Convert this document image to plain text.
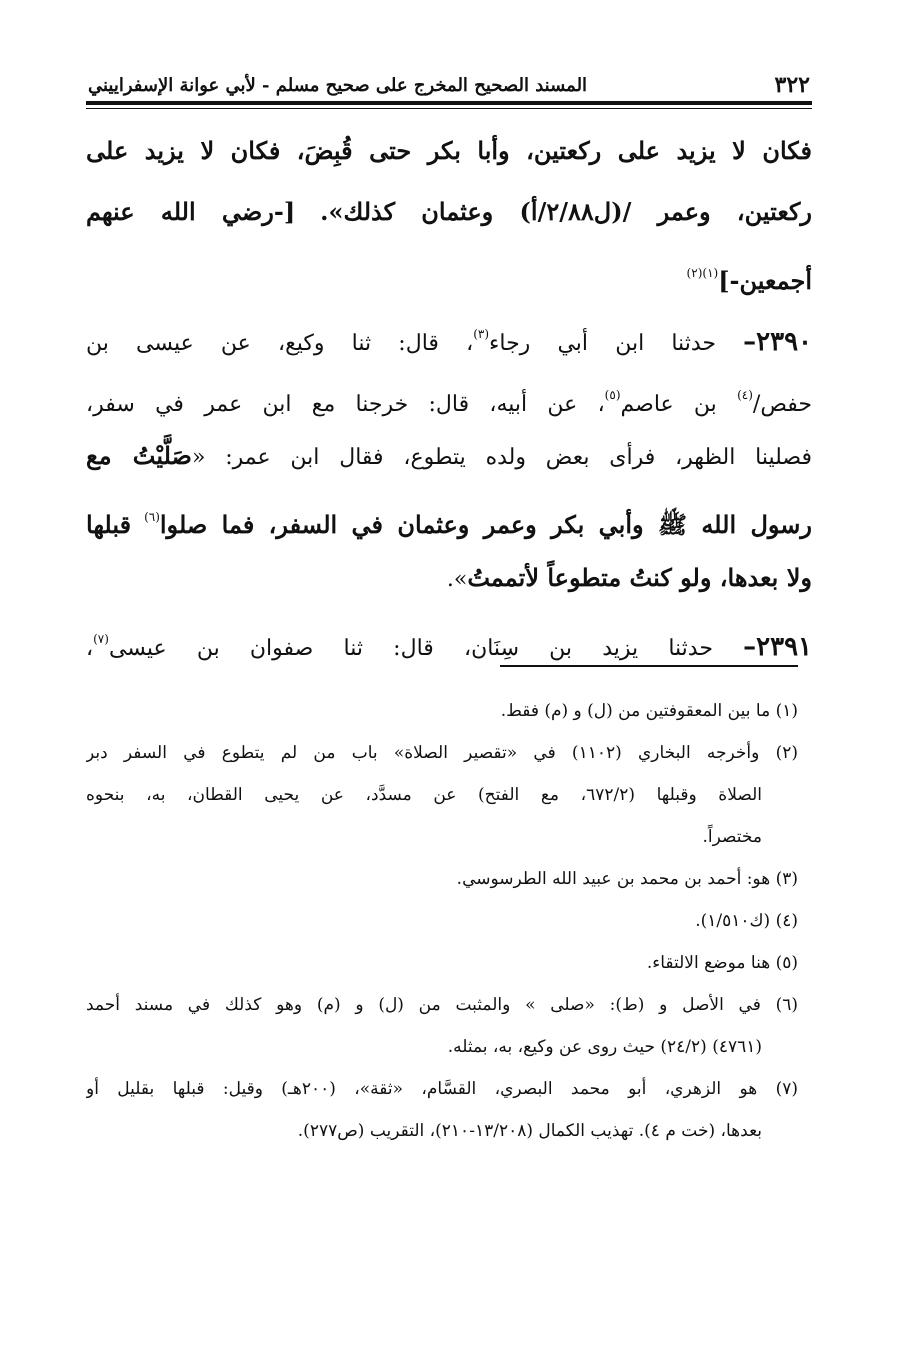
٣٢٢
المسند الصحيح المخرج على صحيح مسلم - لأبي عوانة الإسفراييني
فكان لا يزيد على ركعتين، وأبا بكر حتى قُبِضَ، فكان لا يزيد على
ركعتين، وعمر /(ل٢/٨٨/أ) وعثمان كذلك». [-رضي الله عنهم
أجمعين-]$^{(١)(٢)}$
٢٣٩٠– حدثنا ابن أبي رجاء$^{(٣)}$، قال: ثنا وكيع، عن عيسى بن
حفص/$^{(٤)}$ بن عاصم$^{(٥)}$، عن أبيه، قال: خرجنا مع ابن عمر في سفر،
فصلينا الظهر، فرأى بعض ولده يتطوع، فقال ابن عمر: «صَلَّيْتُ مع
رسول الله ﷺ وأبي بكر وعمر وعثمان في السفر، فما صلوا$^{(٦)}$ قبلها
ولا بعدها، ولو كنتُ متطوعاً لأتممتُ».
٢٣٩١– حدثنا يزيد بن سِنَان، قال: ثنا صفوان بن عيسى$^{(٧)}$،
(١) ما بين المعقوفتين من (ل) و (م) فقط.
(٢) وأخرجه البخاري (١١٠٢) في «تقصير الصلاة» باب من لم يتطوع في السفر دبر
الصلاة وقبلها (٦٧٢/٢، مع الفتح) عن مسدَّد، عن يحيى القطان، به، بنحوه
مختصراً.
(٣) هو: أحمد بن محمد بن عبيد الله الطرسوسي.
(٤) (ك١/٥١٠).
(٥) هنا موضع الالتقاء.
(٦) في الأصل و (ط): «صلى » والمثبت من (ل) و (م) وهو كذلك في مسند أحمد
(٤٧٦١) (٢٤/٢) حيث روى عن وكيع، به، بمثله.
(٧) هو الزهري، أبو محمد البصري، القسَّام، «ثقة»، (٢٠٠هـ) وقيل: قبلها بقليل أو
بعدها، (خت م ٤). تهذيب الكمال (١٣/٢٠٨-٢١٠)، التقريب (ص٢٧٧).
